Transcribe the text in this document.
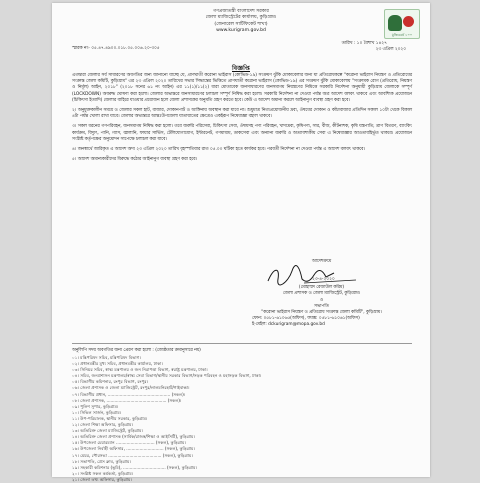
গণপ্রজাতন্ত্রী বাংলাদেশ সরকার
জেলা ম্যাজিস্ট্রেটের কার্যালয়, কুড়িগ্রাম।
(জেনারেল সার্টিফিকেট শাখা)
www.kurigram.gov.bd
মুজিববর্ষ ১০০
স্মারক নং- ০৫.৪৭.৪৯০০.০১৮.০৫.০০৬.২০-৩০৫
তারিখ : ১০ বৈশাখ ১৪২৭
২৩ এপ্রিল ২০২০
বিজ্ঞপ্তি

এতদ্বারা জেলার সর্ব সাধারণের অবগতির জন্য জানানো যাচ্ছে যে, প্রাণঘাতী করোনা ভাইরাস (কোভিড-১৯) সংক্রমণ ঝুঁকি মোকাবেলার জন্য যা প্রতিরোধকল্পে "করোনা ভাইরাস নিয়ন্ত্রণ ও প্রতিরোধের সংক্রান্ত জেলা কমিটি, কুড়িগ্রাম" এর ২৩ এপ্রিল ২০২০ তারিখের সভার সিদ্ধান্তের ভিত্তিতে প্রাণঘাতী করোনা ভাইরাস (কোভিড-১৯) এর সংক্রমণ ঝুঁকি মোকাবেলায় "সংক্রামক রোগ (প্রতিরোধ, নিয়ন্ত্রণ ও নির্মূল) আইন, ২০১৮" (২০১৮ সনের ৬১ নং আইন) এর ১১(১)/১১(২) ধারা মোতাবেক জনসাধারণের জনসমাগম নিয়ন্ত্রণের নিমিত্তে সরকারি নির্দেশনা অনুযায়ী কুড়িগ্রাম জেলাকে সম্পূর্ণ (LOCKDOWN) অবরুদ্ধ ঘোষণা করা হলো। জেলার অভ্যন্তরে জনসাধারণের চলাচল সম্পূর্ণ নিষিদ্ধ করা হলো। সরকারি নির্দেশনা না দেওয়া পর্যন্ত অত্র আদেশ বলবৎ থাকবে এবং আবশ্যিক প্রয়োজনে (চিকিৎসা ইত্যাদি) জেলার বাহিরে যাওয়ার প্রয়োজন হলে জেলা প্রশাসকের অনুমতি গ্রহণ করতে হবে। কেউ এ আদেশ অমান্য করলে আইনানুগ ব্যবস্থা গ্রহণ করা হবে।

২। অনুমুক্তকালীন সময়ে ও জেলার সকল হাট, বাজার, দোকানপাট ও আঙ্গিনায় অবস্থান করা যাবে না। শুধুমাত্র নিত্যপ্রয়োজনীয় দ্রব্য, ঔষধের দোকান ও কাঁচাবাজার প্রতিদিন সকাল ১০টা থেকে বিকাল ৪টা পর্যন্ত খোলা রাখা যাবে। জেলার অভ্যন্তরে আন্তঃউপজেলা যাতায়াতের ক্ষেত্রেও একইরূপ নিষেধাজ্ঞা বহাল থাকবে।

৩। সকল ধরনের গণপরিবহন, জনসমাগম নিষিদ্ধ করা হলো। তবে জরুরি পরিসেবা, চিকিৎসা সেবা, ঔষধসহ পণ্য পরিবহন, খাদ্যদ্রব্য, কৃষিপণ্য, সার, বীজ, কীটনাশক, কৃষি যন্ত্রপাতি, ত্রাণ বিতরণ, ব্যাংকিং কার্যক্রম, বিদ্যুৎ, পানি, গ্যাস, জ্বালানি, ফায়ার সার্ভিস, টেলিযোগাযোগ, ইন্টারনেট, গণমাধ্যম, ডাকসেবা এবং অন্যান্য জরুরি ও অত্যাবশ্যকীয় সেবা এ নিষেধাজ্ঞার আওতাবহির্ভূত থাকবে। প্রয়োজনে সংশ্লিষ্ট কর্তৃপক্ষের অনুমোদন সাপেক্ষে চলাচল করা যাবে।

৪। জনস্বার্থে জারিকৃত এ আদেশ অদ্য ২৩ এপ্রিল ২০২০ তারিখ বৃহস্পতিবার রাত ০৫.০০ ঘটিকা হতে কার্যকর হবে। পরবর্তী নির্দেশনা না দেওয়া পর্যন্ত এ আদেশ বলবৎ থাকবে।

৫। আদেশ অমান্যকারীদের বিরুদ্ধে কঠোর আইনানুগ ব্যবস্থা গ্রহণ করা হবে।

আদেশক্রমে
২৩-৪-২০২০
(মোহাম্মদ রেজাউল করিম)
জেলা প্রশাসক ও জেলা ম্যাজিস্ট্রেট, কুড়িগ্রাম।
ও
সভাপতি
"করোনা ভাইরাস নিয়ন্ত্রণ ও প্রতিরোধ সংক্রান্ত জেলা কমিটি", কুড়িগ্রাম।
ফোন: ০৫৮১-৬১০৬৫(অফিস), ফ্যাক্স: ০৫৮১-৬১০৬১(অফিস)
ই-মেইল: dckurigram@mopa.gov.bd
অনুলিপি সদয় অবগতির জন্য প্রেরণ করা হলো : (জ্যেষ্ঠতার ক্রমানুসারে নয়)
০১। মন্ত্রিপরিষদ সচিব, মন্ত্রিপরিষদ বিভাগ।
০২। প্রধানমন্ত্রীর মুখ্য সচিব, প্রধানমন্ত্রীর কার্যালয়, ঢাকা।
০৩। সিনিয়র সচিব, স্বাস্থ্য মন্ত্রণালয় ও জন নিরাপত্তা বিভাগ, স্বরাষ্ট্র মন্ত্রণালয়, ঢাকা।
০৪। সচিব, জনপ্রশাসন মন্ত্রণালয়/স্বাস্থ্য সেবা বিভাগ/স্থানীয় সরকার বিভাগ/সড়ক পরিবহন ও মহাসড়ক বিভাগ, ঢাকা।
০৫। বিভাগীয় কমিশনার, রংপুর বিভাগ, রংপুর।
০৬। জেলা প্রশাসক ও জেলা ম্যাজিস্ট্রেট, রংপুর/লালমনিরহাট/গাইবান্ধা।
০৭। বিভাগীয় প্রধান, ............................................... (সকল)।
০৮। জেলা প্রশাসক, ............................................. (সকল)।
০৯। পুলিশ সুপার, কুড়িগ্রাম।
১০। সিভিল সার্জন, কুড়িগ্রাম।
১১। উপ-পরিচালক, স্থানীয় সরকার, কুড়িগ্রাম।
১২। জেলা শিক্ষা অফিসার, কুড়িগ্রাম।
১৩। অতিরিক্ত জেলা ম্যাজিস্ট্রেট, কুড়িগ্রাম।
১৪। অতিরিক্ত জেলা প্রশাসক (সার্বিক/রাজস্ব/শিক্ষা ও আইসিটি), কুড়িগ্রাম।
১৫। উপজেলা চেয়ারম্যান ............................. (সকল), কুড়িগ্রাম।
১৬। উপজেলা নির্বাহী অফিসার, ............................ (সকল), কুড়িগ্রাম।
১৭। মেয়র, পৌরসভা ........................................ (সকল), কুড়িগ্রাম।
১৮। সভাপতি, প্রেস ক্লাব, কুড়িগ্রাম।
১৯। সহকারী কমিশনার (ভূমি), ................................ (সকল), কুড়িগ্রাম।
২০। সংশ্লিষ্ট সকল কর্মকর্তা, কুড়িগ্রাম।
২১। জেলা তথ্য অফিসার, কুড়িগ্রাম।
